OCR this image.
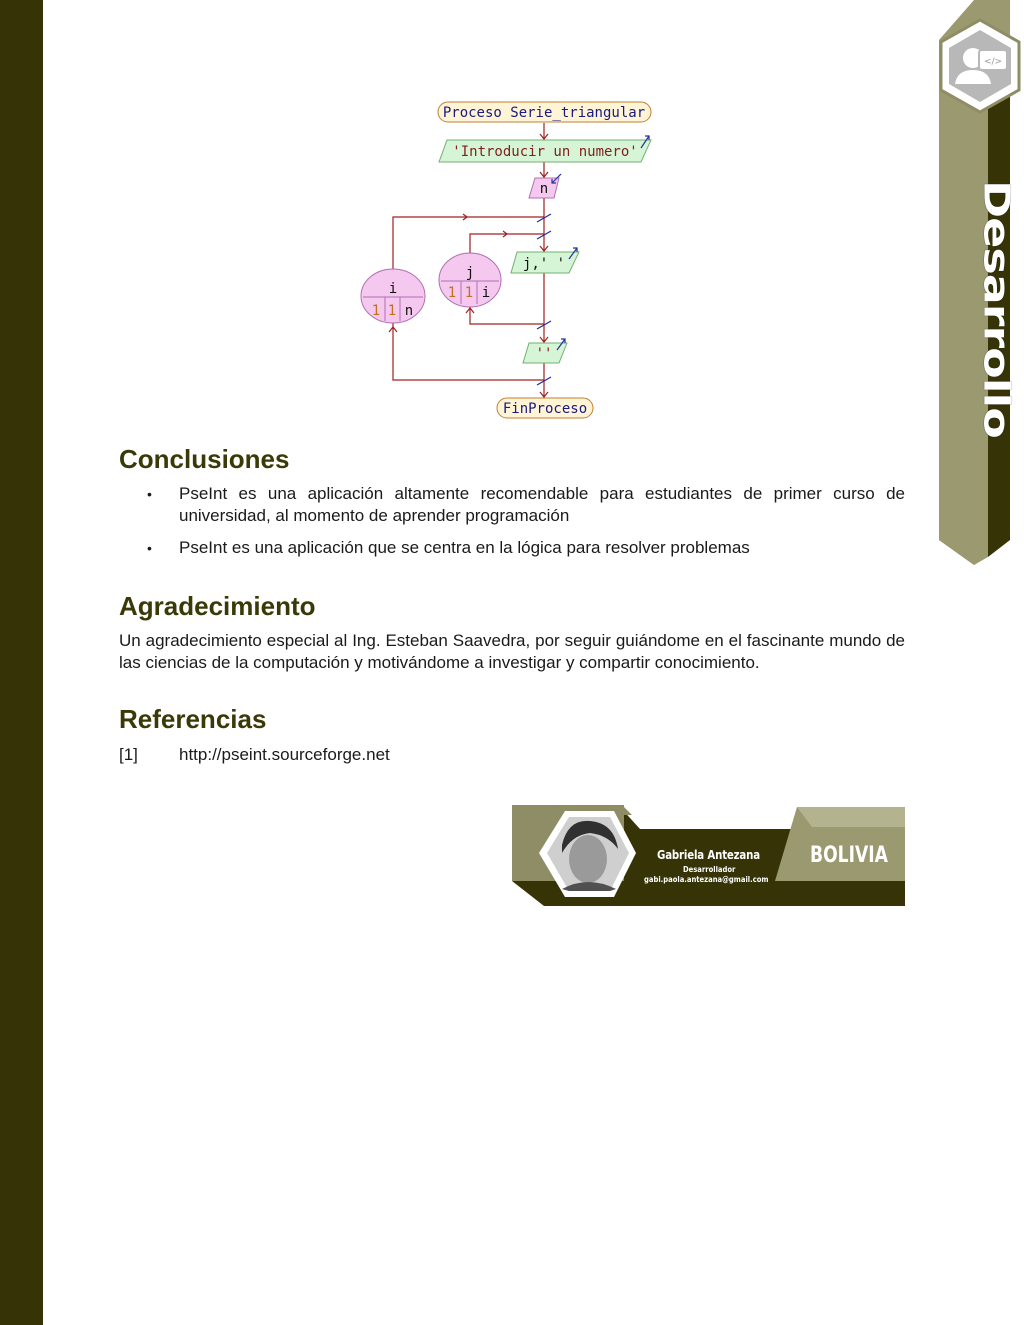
</>
Desarrollo
Proceso Serie_triangular
'Introducir un numero'
n
i
1 1 n
j
1 1 i
j,' '
''
FinProceso
Conclusiones
• PseInt es una aplicación altamente recomendable para estudiantes de primer curso de universidad, al momento de aprender programación
• PseInt es una aplicación que se centra en la lógica para resolver problemas
Agradecimiento

Un agradecimiento especial al Ing. Esteban Saavedra, por seguir guiándome en el fascinante mundo de las ciencias de la computación y motivándome a investigar y compartir conocimiento.

Referencias
[1] http://pseint.sourceforge.net
Gabriela Antezana
Desarrollador
gabi.paola.antezana@gmail.com
BOLIVIA
